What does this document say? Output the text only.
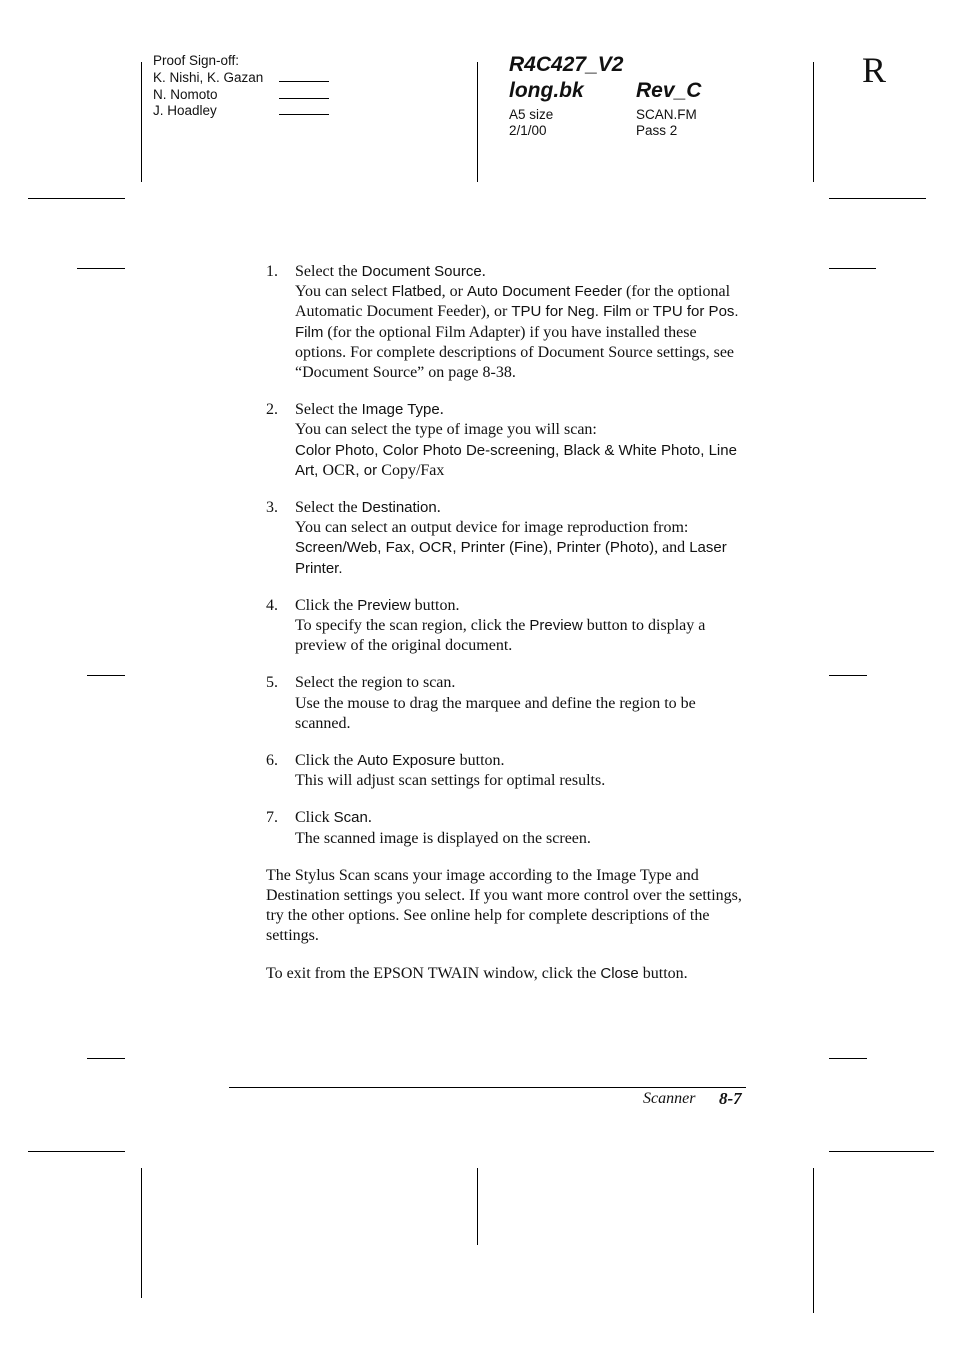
Proof Sign-off:
K. Nishi, K. Gazan
N. Nomoto
J. Hoadley
R4C427_V2
long.bk Rev_C
A5 size
2/1/00
SCAN.FM
Pass 2
R
1. Select the Document Source.

You can select Flatbed, or Auto Document Feeder (for the optional Automatic Document Feeder), or TPU for Neg. Film or TPU for Pos. Film (for the optional Film Adapter) if you have installed these options. For complete descriptions of Document Source settings, see “Document Source” on page 8-38.

2. Select the Image Type.

You can select the type of image you will scan:
Color Photo, Color Photo De-screening, Black & White Photo, Line Art, OCR, or Copy/Fax

3. Select the Destination.

You can select an output device for image reproduction from: Screen/Web, Fax, OCR, Printer (Fine), Printer (Photo), and Laser Printer.

4. Click the Preview button.

To specify the scan region, click the Preview button to display a preview of the original document.

5. Select the region to scan.

Use the mouse to drag the marquee and define the region to be scanned.

6. Click the Auto Exposure button.

This will adjust scan settings for optimal results.

7. Click Scan.

The scanned image is displayed on the screen.

The Stylus Scan scans your image according to the Image Type and Destination settings you select. If you want more control over the settings, try the other options. See online help for complete descriptions of the settings.

To exit from the EPSON TWAIN window, click the Close button.

Scanner 8-7
